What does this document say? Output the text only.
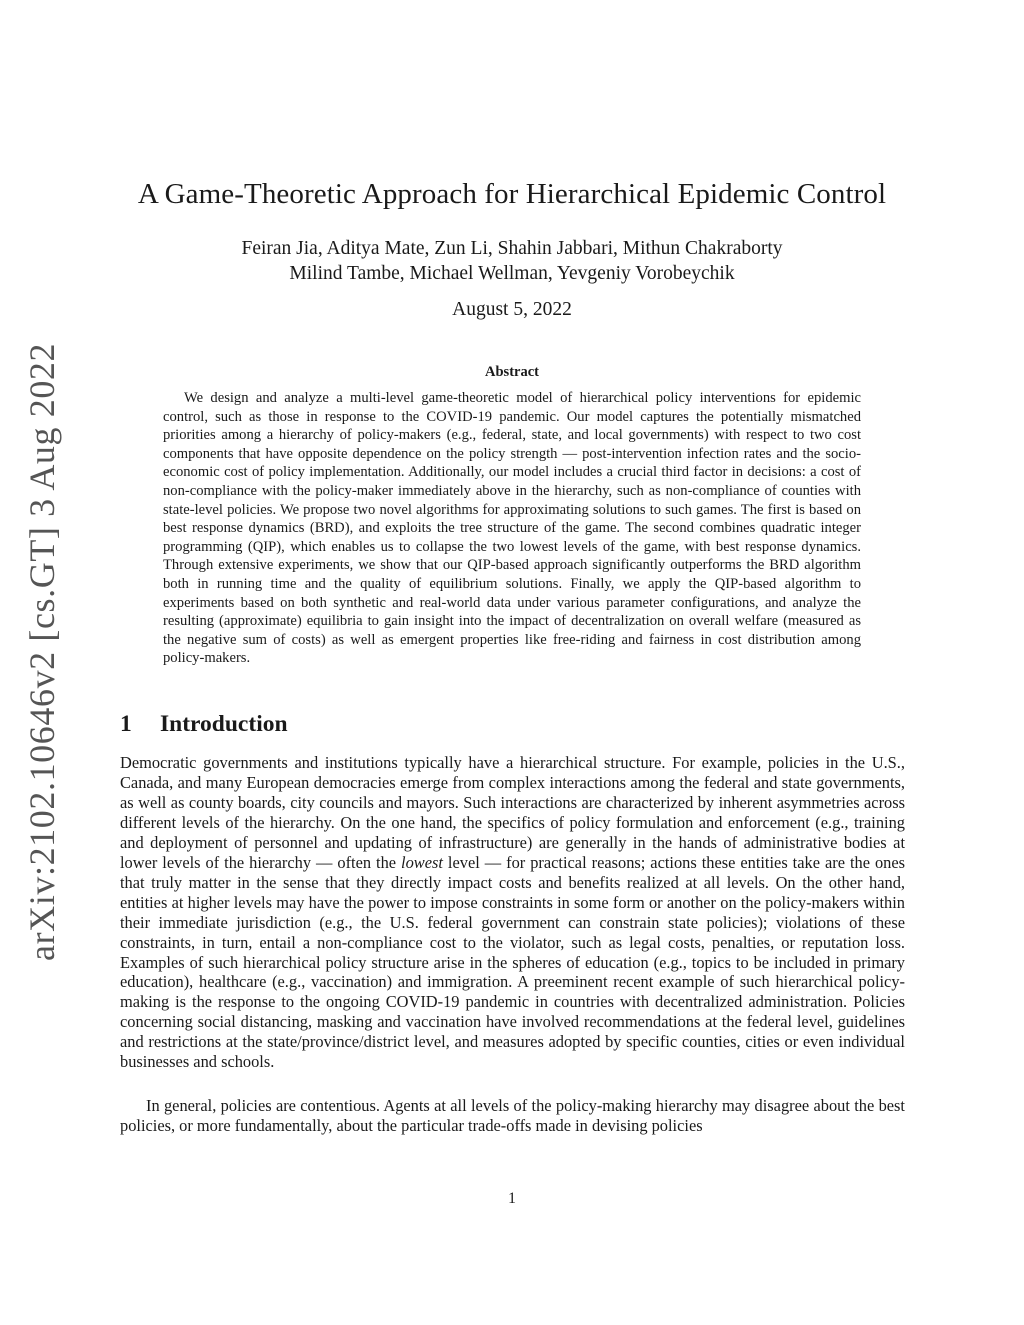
arXiv:2102.10646v2 [cs.GT] 3 Aug 2022
A Game-Theoretic Approach for Hierarchical Epidemic Control
Feiran Jia, Aditya Mate, Zun Li, Shahin Jabbari, Mithun Chakraborty
Milind Tambe, Michael Wellman, Yevgeniy Vorobeychik
August 5, 2022
Abstract

We design and analyze a multi-level game-theoretic model of hierarchical policy interventions for epidemic control, such as those in response to the COVID-19 pandemic. Our model captures the potentially mismatched priorities among a hierarchy of policy-makers (e.g., federal, state, and local governments) with respect to two cost components that have opposite dependence on the policy strength — post-intervention infection rates and the socio-economic cost of policy implementation. Additionally, our model includes a crucial third factor in decisions: a cost of non-compliance with the policy-maker immediately above in the hierarchy, such as non-compliance of counties with state-level policies. We propose two novel algorithms for approximating solutions to such games. The first is based on best response dynamics (BRD), and exploits the tree structure of the game. The second combines quadratic integer programming (QIP), which enables us to collapse the two lowest levels of the game, with best response dynamics. Through extensive experiments, we show that our QIP-based approach significantly outperforms the BRD algorithm both in running time and the quality of equilibrium solutions. Finally, we apply the QIP-based algorithm to experiments based on both synthetic and real-world data under various parameter configurations, and analyze the resulting (approximate) equilibria to gain insight into the impact of decentralization on overall welfare (measured as the negative sum of costs) as well as emergent properties like free-riding and fairness in cost distribution among policy-makers.

1 Introduction

Democratic governments and institutions typically have a hierarchical structure. For example, policies in the U.S., Canada, and many European democracies emerge from complex interactions among the federal and state governments, as well as county boards, city councils and mayors. Such interactions are characterized by inherent asymmetries across different levels of the hierarchy. On the one hand, the specifics of policy formulation and enforcement (e.g., training and deployment of personnel and updating of infrastructure) are generally in the hands of administrative bodies at lower levels of the hierarchy — often the lowest level — for practical reasons; actions these entities take are the ones that truly matter in the sense that they directly impact costs and benefits realized at all levels. On the other hand, entities at higher levels may have the power to impose constraints in some form or another on the policy-makers within their immediate jurisdiction (e.g., the U.S. federal government can constrain state policies); violations of these constraints, in turn, entail a non-compliance cost to the violator, such as legal costs, penalties, or reputation loss. Examples of such hierarchical policy structure arise in the spheres of education (e.g., topics to be included in primary education), healthcare (e.g., vaccination) and immigration. A preeminent recent example of such hierarchical policy-making is the response to the ongoing COVID-19 pandemic in countries with decentralized administration. Policies concerning social distancing, masking and vaccination have involved recommendations at the federal level, guidelines and restrictions at the state/province/district level, and measures adopted by specific counties, cities or even individual businesses and schools.

In general, policies are contentious. Agents at all levels of the policy-making hierarchy may disagree about the best policies, or more fundamentally, about the particular trade-offs made in devising policies

1
